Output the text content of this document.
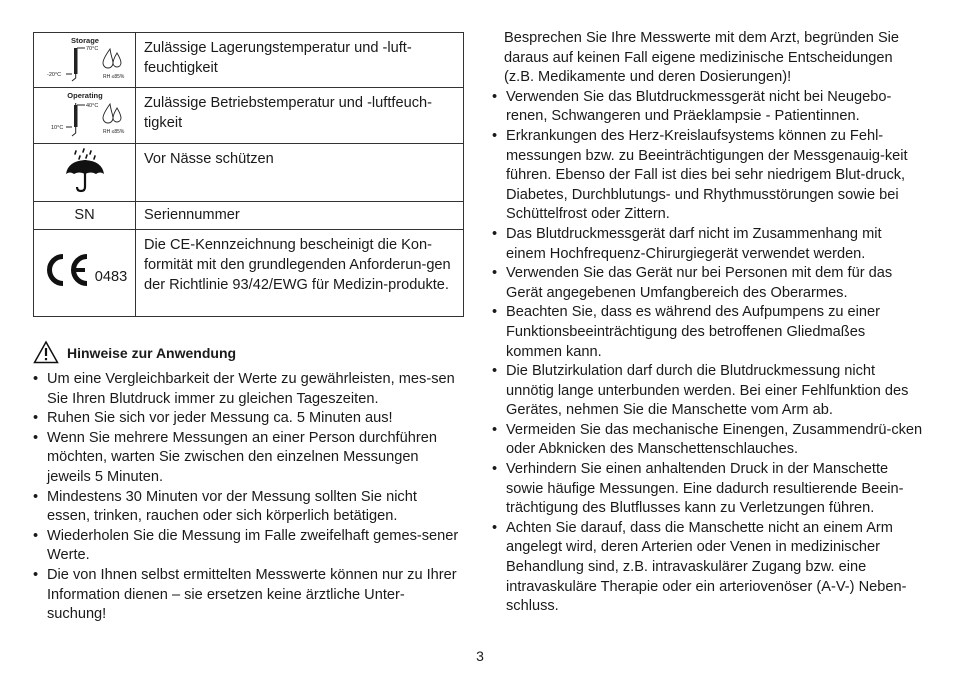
Storage
70°C
-20°C RH ≤85%	Zulässige Lagerungstemperatur und -luft-feuchtigkeit

Operating
40°C
10°C
RH ≤85%	Zulässige Betriebstemperatur und -luftfeuch-tigkeit
	Vor Nässe schützen
SN	Seriennummer

0483	Die CE-Kennzeichnung bescheinigt die Kon-formität mit den grundlegenden Anforderun-gen der Richtlinie 93/42/EWG für Medizin-produkte.
Hinweise zur Anwendung
• Um eine Vergleichbarkeit der Werte zu gewährleisten, mes-sen Sie Ihren Blutdruck immer zu gleichen Tageszeiten.
• Ruhen Sie sich vor jeder Messung ca. 5 Minuten aus!
• Wenn Sie mehrere Messungen an einer Person durchführen möchten, warten Sie zwischen den einzelnen Messungen jeweils 5 Minuten.
• Mindestens 30 Minuten vor der Messung sollten Sie nicht essen, trinken, rauchen oder sich körperlich betätigen.
• Wiederholen Sie die Messung im Falle zweifelhaft gemes-sener Werte.
• Die von Ihnen selbst ermittelten Messwerte können nur zu Ihrer Information dienen – sie ersetzen keine ärztliche Unter-suchung!
Besprechen Sie Ihre Messwerte mit dem Arzt, begründen Sie daraus auf keinen Fall eigene medizinische Entscheidungen (z.B. Medikamente und deren Dosierungen)!
• Verwenden Sie das Blutdruckmessgerät nicht bei Neugebo-renen, Schwangeren und Präeklampsie - Patientinnen.
• Erkrankungen des Herz-Kreislaufsystems können zu Fehl-messungen bzw. zu Beeinträchtigungen der Messgenauig-keit führen. Ebenso der Fall ist dies bei sehr niedrigem Blut-druck, Diabetes, Durchblutungs- und Rhythmusstörungen sowie bei Schüttelfrost oder Zittern.
• Das Blutdruckmessgerät darf nicht im Zusammenhang mit einem Hochfrequenz-Chirurgiegerät verwendet werden.
• Verwenden Sie das Gerät nur bei Personen mit dem für das Gerät angegebenen Umfangbereich des Oberarmes.
• Beachten Sie, dass es während des Aufpumpens zu einer Funktionsbeeinträchtigung des betroffenen Gliedmaßes kommen kann.
• Die Blutzirkulation darf durch die Blutdruckmessung nicht unnötig lange unterbunden werden. Bei einer Fehlfunktion des Gerätes, nehmen Sie die Manschette vom Arm ab.
• Vermeiden Sie das mechanische Einengen, Zusammendrü-cken oder Abknicken des Manschettenschlauches.
• Verhindern Sie einen anhaltenden Druck in der Manschette sowie häufige Messungen. Eine dadurch resultierende Beein-trächtigung des Blutflusses kann zu Verletzungen führen.
• Achten Sie darauf, dass die Manschette nicht an einem Arm angelegt wird, deren Arterien oder Venen in medizinischer Behandlung sind, z.B. intravaskulärer Zugang bzw. eine intravaskuläre Therapie oder ein arteriovenöser (A-V-) Neben-schluss.
3
